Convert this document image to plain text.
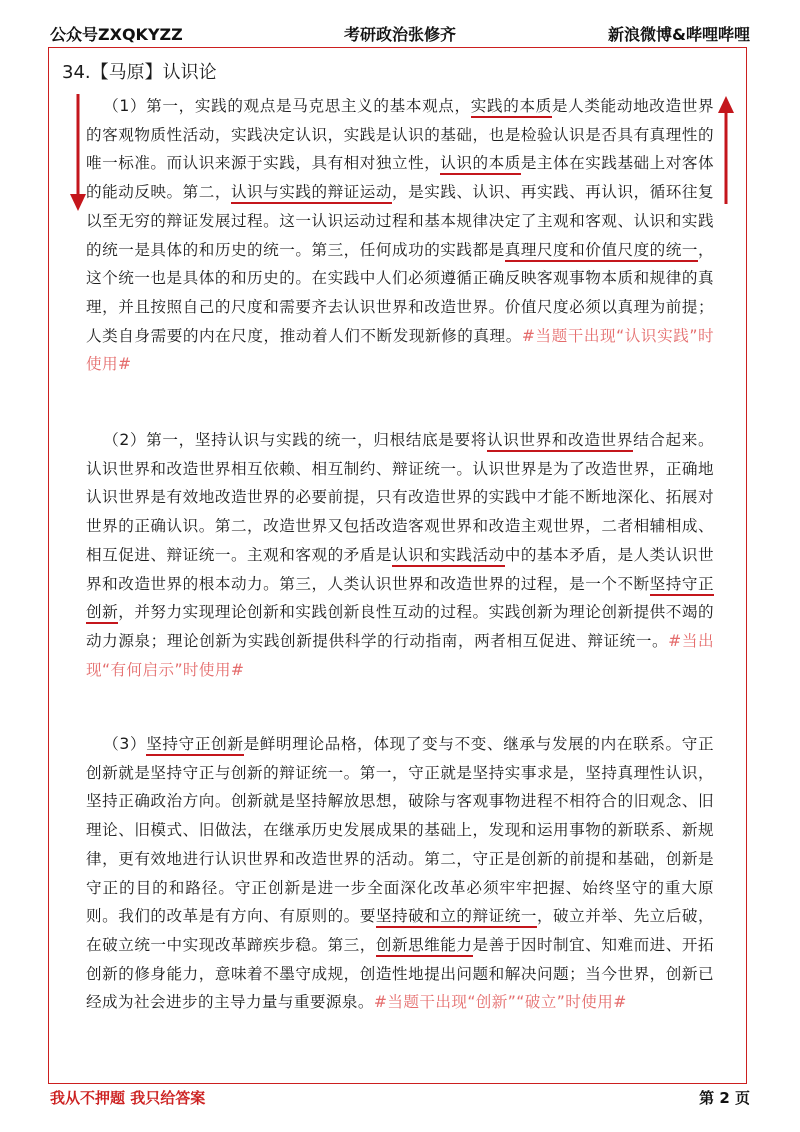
公众号ZXQKYZZ	考研政治张修齐	新浪微博&哔哩哔哩
34.【马原】认识论

（1）第一，实践的观点是马克思主义的基本观点，实践的本质是人类能动地改造世界的客观物质性活动，实践决定认识，实践是认识的基础，也是检验认识是否具有真理性的唯一标准。而认识来源于实践，具有相对独立性，认识的本质是主体在实践基础上对客体的能动反映。第二，认识与实践的辩证运动，是实践、认识、再实践、再认识，循环往复以至无穷的辩证发展过程。这一认识运动过程和基本规律决定了主观和客观、认识和实践的统一是具体的和历史的统一。第三，任何成功的实践都是真理尺度和价值尺度的统一，这个统一也是具体的和历史的。在实践中人们必须遵循正确反映客观事物本质和规律的真理，并且按照自己的尺度和需要齐去认识世界和改造世界。价值尺度必须以真理为前提；人类自身需要的内在尺度，推动着人们不断发现新修的真理。#当题干出现“认识实践”时使用#

（2）第一，坚持认识与实践的统一，归根结底是要将认识世界和改造世界结合起来。认识世界和改造世界相互依赖、相互制约、辩证统一。认识世界是为了改造世界，正确地认识世界是有效地改造世界的必要前提，只有改造世界的实践中才能不断地深化、拓展对世界的正确认识。第二，改造世界又包括改造客观世界和改造主观世界，二者相辅相成、相互促进、辩证统一。主观和客观的矛盾是认识和实践活动中的基本矛盾，是人类认识世界和改造世界的根本动力。第三，人类认识世界和改造世界的过程，是一个不断坚持守正创新，并努力实现理论创新和实践创新良性互动的过程。实践创新为理论创新提供不竭的动力源泉；理论创新为实践创新提供科学的行动指南，两者相互促进、辩证统一。#当出现“有何启示”时使用#

（3）坚持守正创新是鲜明理论品格，体现了变与不变、继承与发展的内在联系。守正创新就是坚持守正与创新的辩证统一。第一，守正就是坚持实事求是，坚持真理性认识，坚持正确政治方向。创新就是坚持解放思想，破除与客观事物进程不相符合的旧观念、旧理论、旧模式、旧做法，在继承历史发展成果的基础上，发现和运用事物的新联系、新规律，更有效地进行认识世界和改造世界的活动。第二，守正是创新的前提和基础，创新是守正的目的和路径。守正创新是进一步全面深化改革必须牢牢把握、始终坚守的重大原则。我们的改革是有方向、有原则的。要坚持破和立的辩证统一，破立并举、先立后破，在破立统一中实现改革蹄疾步稳。第三，创新思维能力是善于因时制宜、知难而进、开拓创新的修身能力，意味着不墨守成规，创造性地提出问题和解决问题；当今世界，创新已经成为社会进步的主导力量与重要源泉。#当题干出现“创新”“破立”时使用#

我从不押题 我只给答案	第 2 页
